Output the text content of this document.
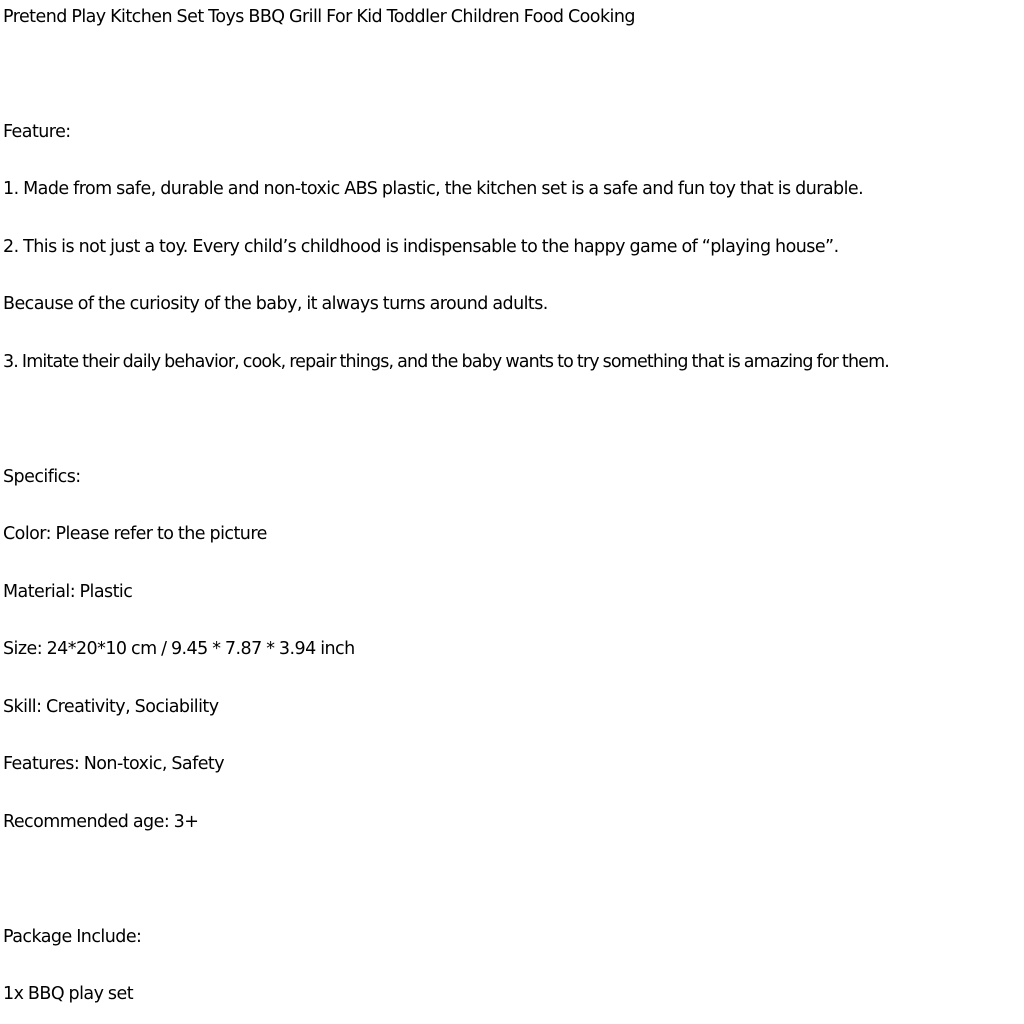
Pretend Play Kitchen Set Toys BBQ Grill For Kid Toddler Children Food Cooking

Feature:

1. Made from safe, durable and non-toxic ABS plastic, the kitchen set is a safe and fun toy that is durable.

2. This is not just a toy. Every child’s childhood is indispensable to the happy game of “playing house”.

Because of the curiosity of the baby, it always turns around adults.

3. Imitate their daily behavior, cook, repair things, and the baby wants to try something that is amazing for them.

Specifics:

Color: Please refer to the picture

Material: Plastic

Size: 24*20*10 cm / 9.45 * 7.87 * 3.94 inch

Skill: Creativity, Sociability

Features: Non-toxic, Safety

Recommended age: 3+

Package Include:

1x BBQ play set
